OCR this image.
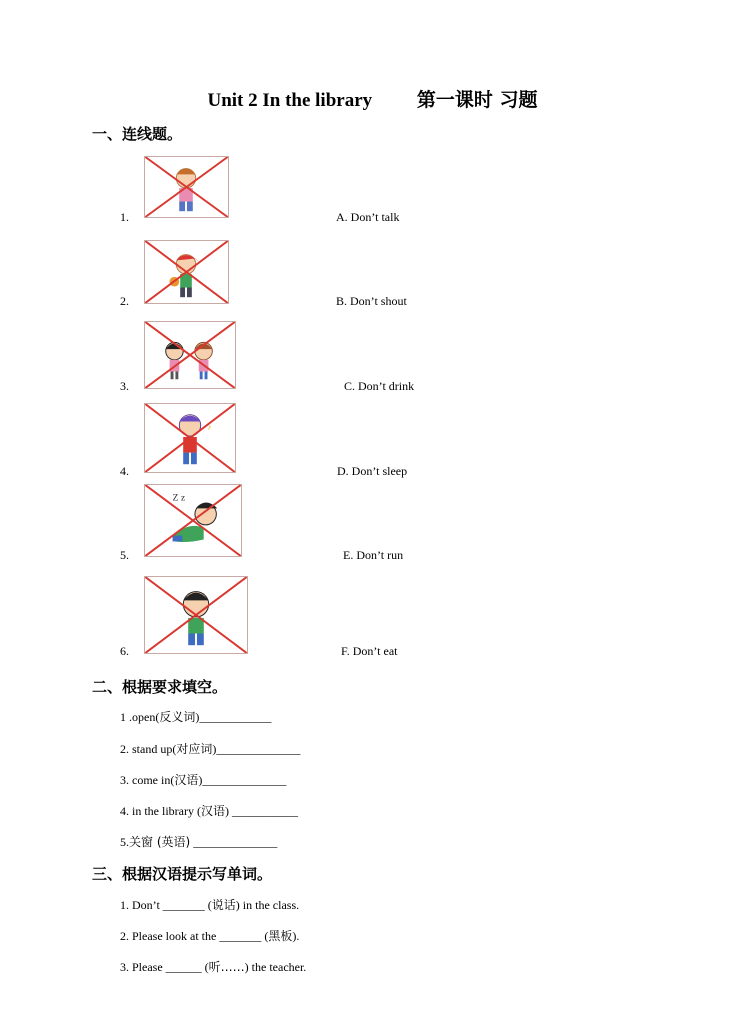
Unit 2 In the library 第一课时 习题
一、连线题。
1.	A. Don’t talk
2.	B. Don’t shout
3.	C. Don’t drink
♪
4.	D. Don’t sleep
Z z
5.	E. Don’t run
6.	F. Don’t eat
二、根据要求填空。
1 .open(反义词)____________
2. stand up(对应词)______________
3. come in(汉语)______________
4. in the library (汉语) ___________
5.关窗 (英语) ______________
三、根据汉语提示写单词。
1. Don’t _______ (说话) in the class.
2. Please look at the _______ (黑板).
3. Please ______ (听……) the teacher.
